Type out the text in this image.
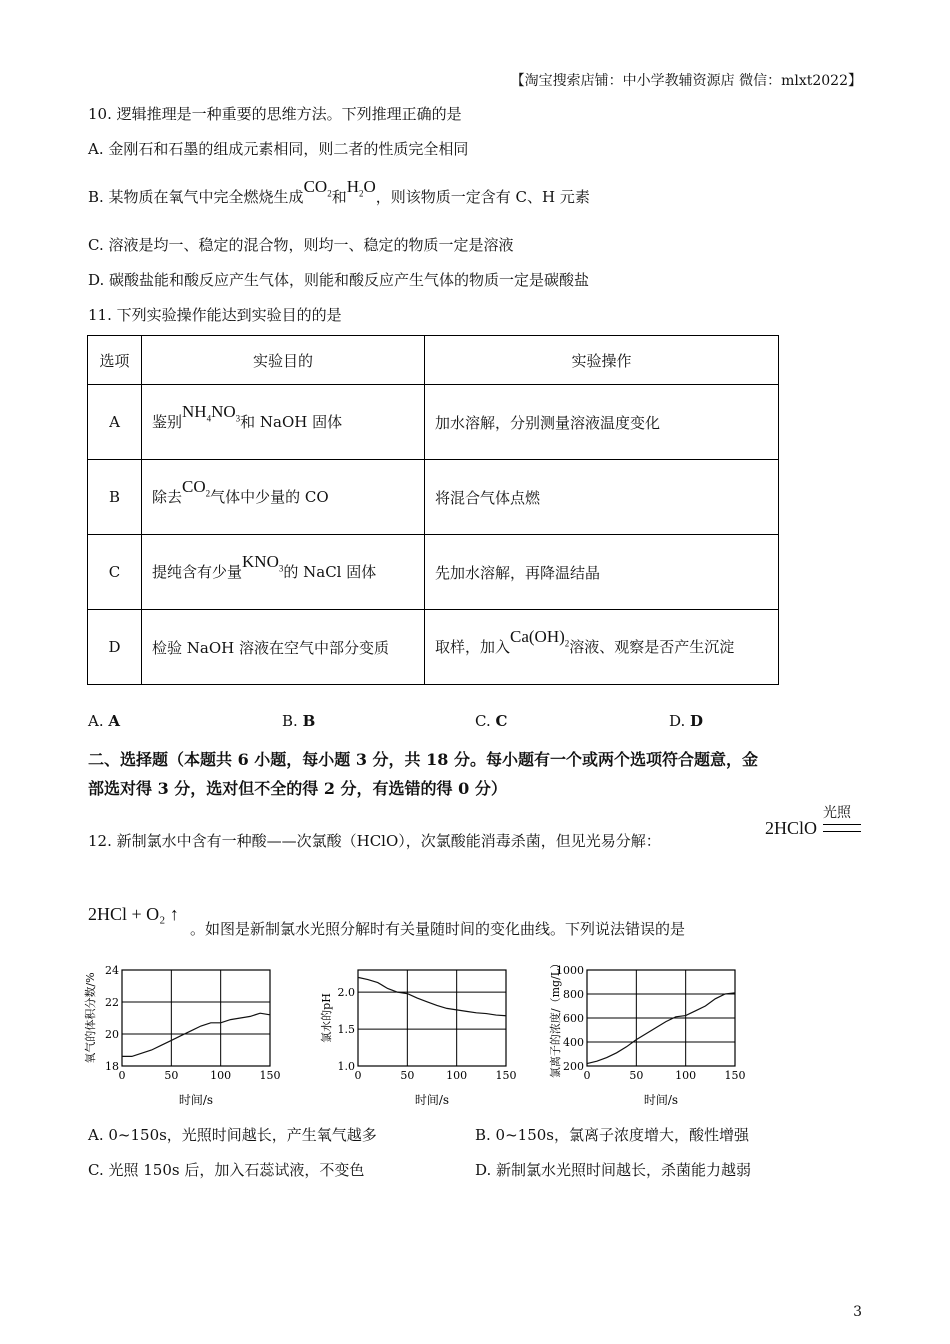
【淘宝搜索店铺：中小学教辅资源店 微信：mlxt2022】
10. 逻辑推理是一种重要的思维方法。下列推理正确的是
A. 金刚石和石墨的组成元素相同，则二者的性质完全相同
B. 某物质在氧气中完全燃烧生成$CO_2$和$H_2O$，则该物质一定含有 C、H 元素
C. 溶液是均一、稳定的混合物，则均一、稳定的物质一定是溶液
D. 碳酸盐能和酸反应产生气体，则能和酸反应产生气体的物质一定是碳酸盐
11. 下列实验操作能达到实验目的的是
选项	实验目的	实验操作
A	鉴别$NH_4NO_3$和 NaOH 固体	加水溶解，分别测量溶液温度变化
B	除去$CO_2$气体中少量的 CO	将混合气体点燃
C	提纯含有少量$KNO_3$的 NaCl 固体	先加水溶解，再降温结晶
D	检验 NaOH 溶液在空气中部分变质	取样，加入$Ca(OH)_2$溶液、观察是否产生沉淀
A. A	B. B	C. C	D. D
二、选择题（本题共 6 小题，每小题 3 分，共 18 分。每小题有一个或两个选项符合题意，金
部选对得 3 分，选对但不全的得 2 分，有选错的得 0 分）
12. 新制氯水中含有一种酸——次氯酸（HClO），次氯酸能消毒杀菌，但见光易分解：
2HClO
光照
2HCl + O₂ ↑
。如图是新制氯水光照分解时有关量随时间的变化曲线。下列说法错误的是
0	50	100	150
18
20
22
24
时间/s
氧气的体积分数/%
0	50	100	150
1.0
1.5
2.0
时间/s
氯水的pH
0	50	100	150
200
400
600
800
1000
时间/s
氯离子的浓度/（mg/L）
A. 0~150s，光照时间越长，产生氧气越多	B. 0~150s，氯离子浓度增大，酸性增强
C. 光照 150s 后，加入石蕊试液，不变色	D. 新制氯水光照时间越长，杀菌能力越弱
3
